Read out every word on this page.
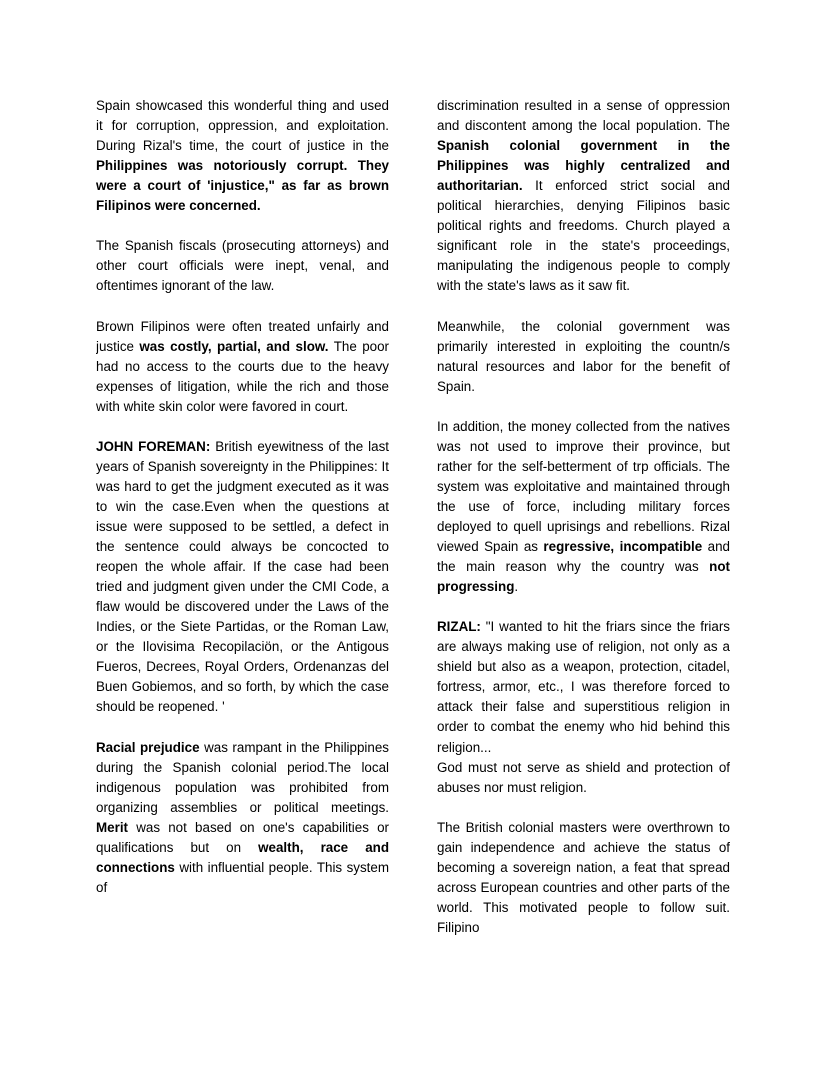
Spain showcased this wonderful thing and used it for corruption, oppression, and exploitation. During Rizal's time, the court of justice in the Philippines was notoriously corrupt. They were a court of 'injustice," as far as brown Filipinos were concerned.

The Spanish fiscals (prosecuting attorneys) and other court officials were inept, venal, and oftentimes ignorant of the law.

Brown Filipinos were often treated unfairly and justice was costly, partial, and slow. The poor had no access to the courts due to the heavy expenses of litigation, while the rich and those with white skin color were favored in court.

JOHN FOREMAN: British eyewitness of the last years of Spanish sovereignty in the Philippines: It was hard to get the judgment executed as it was to win the case.Even when the questions at issue were supposed to be settled, a defect in the sentence could always be concocted to reopen the whole affair. If the case had been tried and judgment given under the CMI Code, a flaw would be discovered under the Laws of the Indies, or the Siete Partidas, or the Roman Law, or the Ilovisima Recopilaciön, or the Antigous Fueros, Decrees, Royal Orders, Ordenanzas del Buen Gobiemos, and so forth, by which the case should be reopened. '

Racial prejudice was rampant in the Philippines during the Spanish colonial period.The local indigenous population was prohibited from organizing assemblies or political meetings. Merit was not based on one's capabilities or qualifications but on wealth, race and connections with influential people. This system of

discrimination resulted in a sense of oppression and discontent among the local population. The Spanish colonial government in the Philippines was highly centralized and authoritarian. It enforced strict social and political hierarchies, denying Filipinos basic political rights and freedoms. Church played a significant role in the state's proceedings, manipulating the indigenous people to comply with the state's laws as it saw fit.

Meanwhile, the colonial government was primarily interested in exploiting the countn/s natural resources and labor for the benefit of Spain.

In addition, the money collected from the natives was not used to improve their province, but rather for the self-betterment of trp officials. The system was exploitative and maintained through the use of force, including military forces deployed to quell uprisings and rebellions. Rizal viewed Spain as regressive, incompatible and the main reason why the country was not progressing.

RIZAL: "I wanted to hit the friars since the friars are always making use of religion, not only as a shield but also as a weapon, protection, citadel, fortress, armor, etc., I was therefore forced to attack their false and superstitious religion in order to combat the enemy who hid behind this religion...

God must not serve as shield and protection of abuses nor must religion.

The British colonial masters were overthrown to gain independence and achieve the status of becoming a sovereign nation, a feat that spread across European countries and other parts of the world. This motivated people to follow suit. Filipino
